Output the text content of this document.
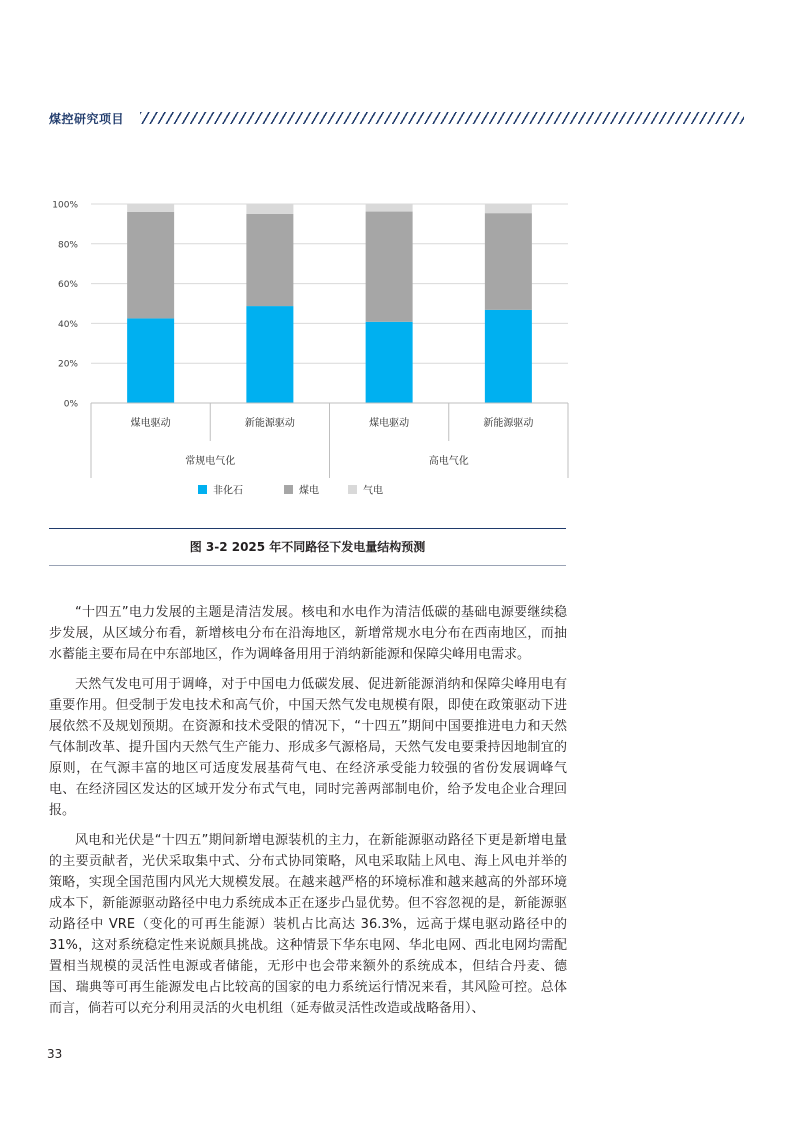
煤控研究项目
0%
20%
40%
60%
80%
100%
煤电驱动	新能源驱动	煤电驱动	新能源驱动
常规电气化	高电气化
非化石	煤电	气电
图 3-2 2025 年不同路径下发电量结构预测

“十四五”电力发展的主题是清洁发展。核电和水电作为清洁低碳的基础电源要继续稳步发展，从区域分布看，新增核电分布在沿海地区，新增常规水电分布在西南地区，而抽水蓄能主要布局在中东部地区，作为调峰备用用于消纳新能源和保障尖峰用电需求。

天然气发电可用于调峰，对于中国电力低碳发展、促进新能源消纳和保障尖峰用电有重要作用。但受制于发电技术和高气价，中国天然气发电规模有限，即使在政策驱动下进展依然不及规划预期。在资源和技术受限的情况下，“十四五”期间中国要推进电力和天然气体制改革、提升国内天然气生产能力、形成多气源格局，天然气发电要秉持因地制宜的原则，在气源丰富的地区可适度发展基荷气电、在经济承受能力较强的省份发展调峰气电、在经济园区发达的区域开发分布式气电，同时完善两部制电价，给予发电企业合理回报。

风电和光伏是“十四五”期间新增电源装机的主力，在新能源驱动路径下更是新增电量的主要贡献者，光伏采取集中式、分布式协同策略，风电采取陆上风电、海上风电并举的策略，实现全国范围内风光大规模发展。在越来越严格的环境标准和越来越高的外部环境成本下，新能源驱动路径中电力系统成本正在逐步凸显优势。但不容忽视的是，新能源驱动路径中 VRE（变化的可再生能源）装机占比高达 36.3%，远高于煤电驱动路径中的 31%，这对系统稳定性来说颇具挑战。这种情景下华东电网、华北电网、西北电网均需配置相当规模的灵活性电源或者储能，无形中也会带来额外的系统成本，但结合丹麦、德国、瑞典等可再生能源发电占比较高的国家的电力系统运行情况来看，其风险可控。总体而言，倘若可以充分利用灵活的火电机组（延寿做灵活性改造或战略备用）、

33
